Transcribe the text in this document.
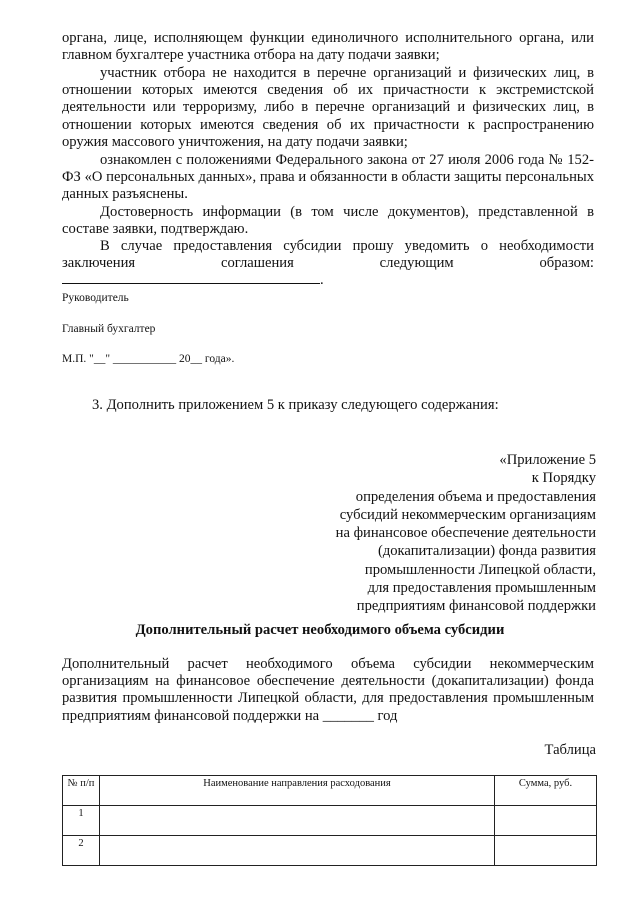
органа, лице, исполняющем функции единоличного исполнительного органа, или главном бухгалтере участника отбора на дату подачи заявки;

участник отбора не находится в перечне организаций и физических лиц, в отношении которых имеются сведения об их причастности к экстремистской деятельности или терроризму, либо в перечне организаций и физических лиц, в отношении которых имеются сведения об их причастности к распространению оружия массового уничтожения, на дату подачи заявки;

ознакомлен с положениями Федерального закона от 27 июля 2006 года № 152-ФЗ «О персональных данных», права и обязанности в области защиты персональных данных разъяснены.

Достоверность информации (в том числе документов), представленной в составе заявки, подтверждаю.

В случае предоставления субсидии прошу уведомить о необходимости заключения соглашения следующим образом: .

Руководитель
Главный бухгалтер
М.П. "__" ___________ 20__ года».
3. Дополнить приложением 5 к приказу следующего содержания:
«Приложение 5
к Порядку
определения объема и предоставления
субсидий некоммерческим организациям
на финансовое обеспечение деятельности
(докапитализации) фонда развития
промышленности Липецкой области,
для предоставления промышленным
предприятиям финансовой поддержки
Дополнительный расчет необходимого объема субсидии

Дополнительный расчет необходимого объема субсидии некоммерческим организациям на финансовое обеспечение деятельности (докапитализации) фонда развития промышленности Липецкой области, для предоставления промышленным предприятиям финансовой поддержки на _______ год

Таблица
№ п/п	Наименование направления расходования	Сумма, руб.
1		
2		
